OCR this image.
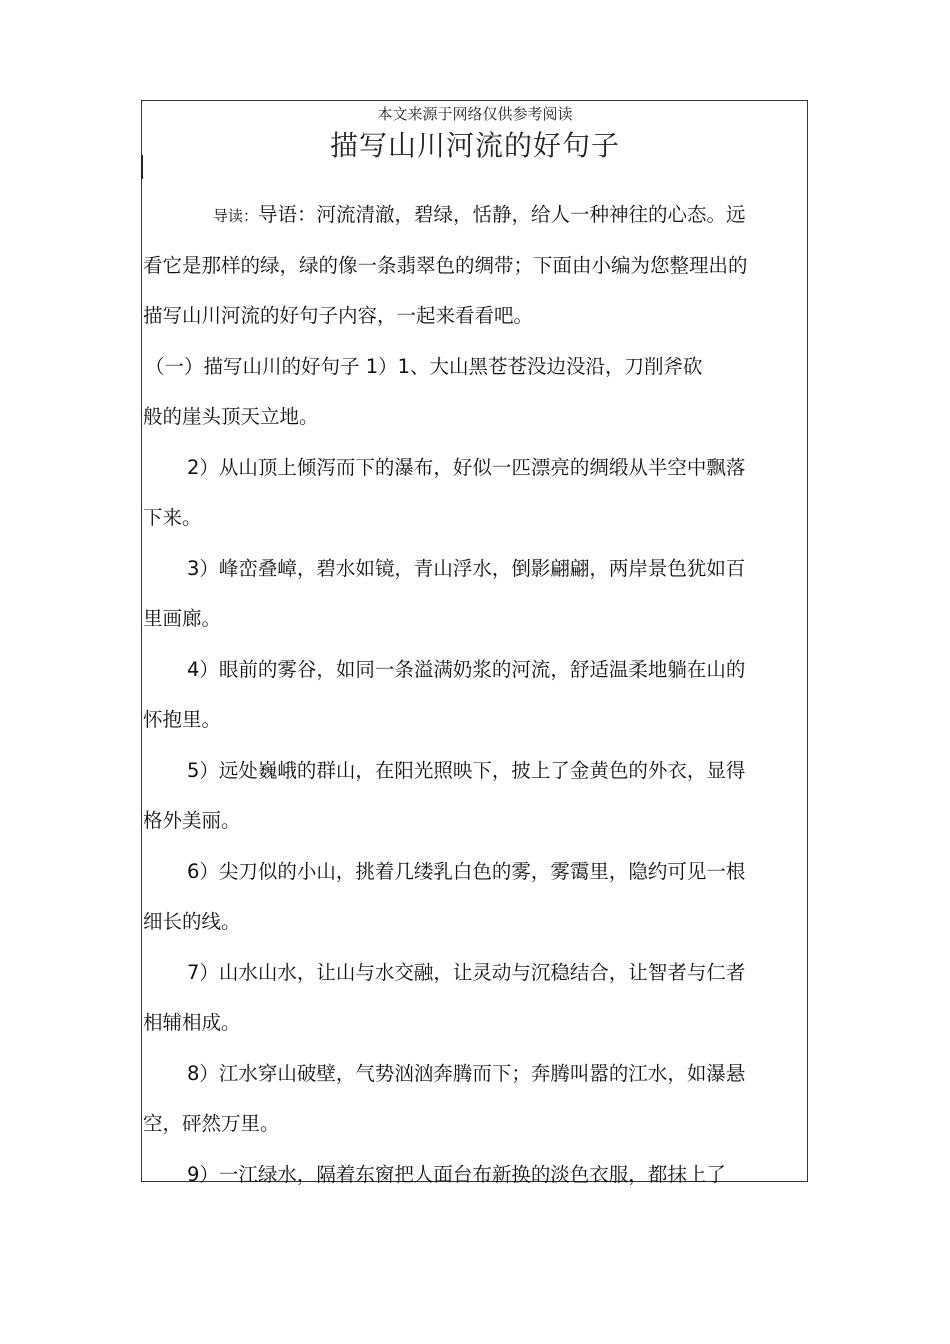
本文来源于网络仅供参考阅读
描写山川河流的好句子
导读：导语：河流清澈，碧绿，恬静，给人一种神往的心态。远
看它是那样的绿，绿的像一条翡翠色的绸带；下面由小编为您整理出的
描写山川河流的好句子内容，一起来看看吧。
（一）描写山川的好句子 1）1、大山黑苍苍没边没沿，刀削斧砍
般的崖头顶天立地。
2）从山顶上倾泻而下的瀑布，好似一匹漂亮的绸缎从半空中飘落
下来。
3）峰峦叠嶂，碧水如镜，青山浮水，倒影翩翩，两岸景色犹如百
里画廊。
4）眼前的雾谷，如同一条溢满奶浆的河流，舒适温柔地躺在山的
怀抱里。
5）远处巍峨的群山，在阳光照映下，披上了金黄色的外衣，显得
格外美丽。
6）尖刀似的小山，挑着几缕乳白色的雾，雾霭里，隐约可见一根
细长的线。
7）山水山水，让山与水交融，让灵动与沉稳结合，让智者与仁者
相辅相成。
8）江水穿山破壁，气势汹汹奔腾而下；奔腾叫嚣的江水，如瀑悬
空，砰然万里。
9）一江绿水，隔着东窗把人面台布新换的淡色衣服，都抹上了
